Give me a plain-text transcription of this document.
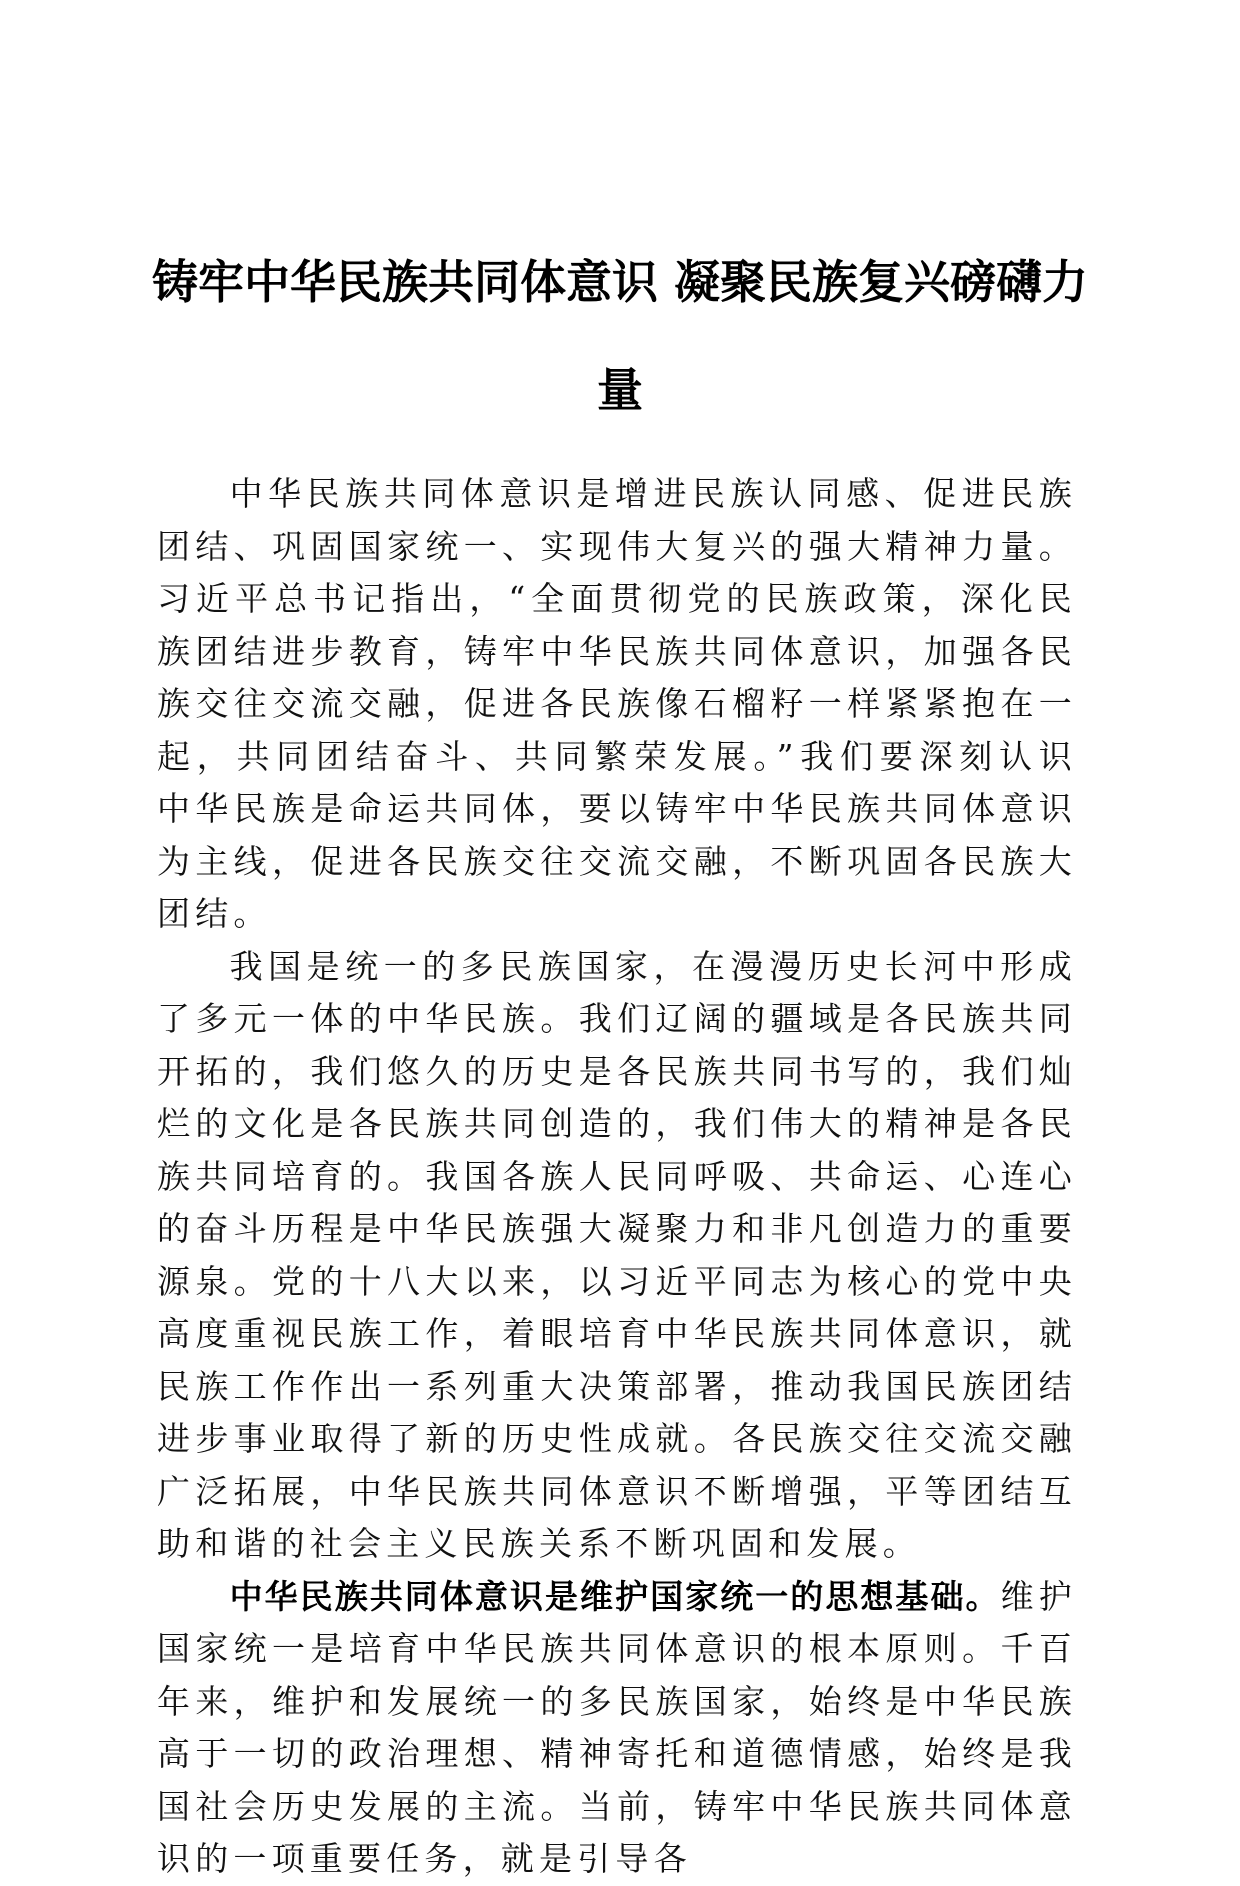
铸牢中华民族共同体意识 凝聚民族复兴磅礴力量

中华民族共同体意识是增进民族认同感、促进民族团结、巩固国家统一、实现伟大复兴的强大精神力量。习近平总书记指出，“全面贯彻党的民族政策，深化民族团结进步教育，铸牢中华民族共同体意识，加强各民族交往交流交融，促进各民族像石榴籽一样紧紧抱在一起，共同团结奋斗、共同繁荣发展。”我们要深刻认识中华民族是命运共同体，要以铸牢中华民族共同体意识为主线，促进各民族交往交流交融，不断巩固各民族大团结。

我国是统一的多民族国家，在漫漫历史长河中形成了多元一体的中华民族。我们辽阔的疆域是各民族共同开拓的，我们悠久的历史是各民族共同书写的，我们灿烂的文化是各民族共同创造的，我们伟大的精神是各民族共同培育的。我国各族人民同呼吸、共命运、心连心的奋斗历程是中华民族强大凝聚力和非凡创造力的重要源泉。党的十八大以来，以习近平同志为核心的党中央高度重视民族工作，着眼培育中华民族共同体意识，就民族工作作出一系列重大决策部署，推动我国民族团结进步事业取得了新的历史性成就。各民族交往交流交融广泛拓展，中华民族共同体意识不断增强，平等团结互助和谐的社会主义民族关系不断巩固和发展。

中华民族共同体意识是维护国家统一的思想基础。维护国家统一是培育中华民族共同体意识的根本原则。千百年来，维护和发展统一的多民族国家，始终是中华民族高于一切的政治理想、精神寄托和道德情感，始终是我国社会历史发展的主流。当前，铸牢中华民族共同体意识的一项重要任务，就是引导各
